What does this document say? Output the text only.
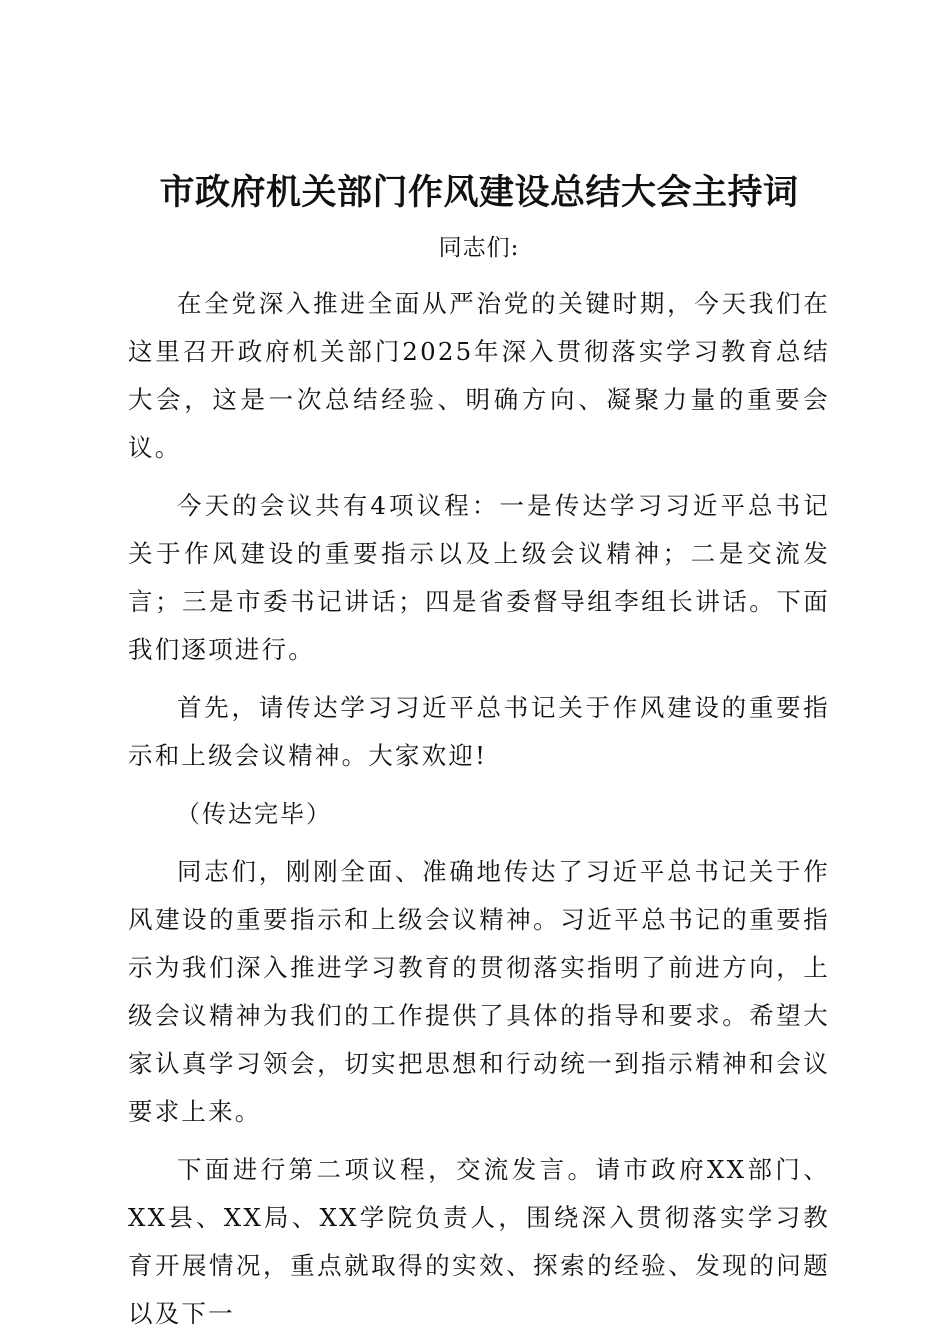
市政府机关部门作风建设总结大会主持词

同志们:

在全党深入推进全面从严治党的关键时期，今天我们在这里召开政府机关部门2025年深入贯彻落实学习教育总结大会，这是一次总结经验、明确方向、凝聚力量的重要会议。

今天的会议共有4项议程：一是传达学习习近平总书记关于作风建设的重要指示以及上级会议精神；二是交流发言；三是市委书记讲话；四是省委督导组李组长讲话。下面我们逐项进行。

首先，请传达学习习近平总书记关于作风建设的重要指示和上级会议精神。大家欢迎!

（传达完毕）

同志们，刚刚全面、准确地传达了习近平总书记关于作风建设的重要指示和上级会议精神。习近平总书记的重要指示为我们深入推进学习教育的贯彻落实指明了前进方向，上级会议精神为我们的工作提供了具体的指导和要求。希望大家认真学习领会，切实把思想和行动统一到指示精神和会议要求上来。

下面进行第二项议程，交流发言。请市政府XX部门、XX县、XX局、XX学院负责人，围绕深入贯彻落实学习教育开展情况，重点就取得的实效、探索的经验、发现的问题以及下一
